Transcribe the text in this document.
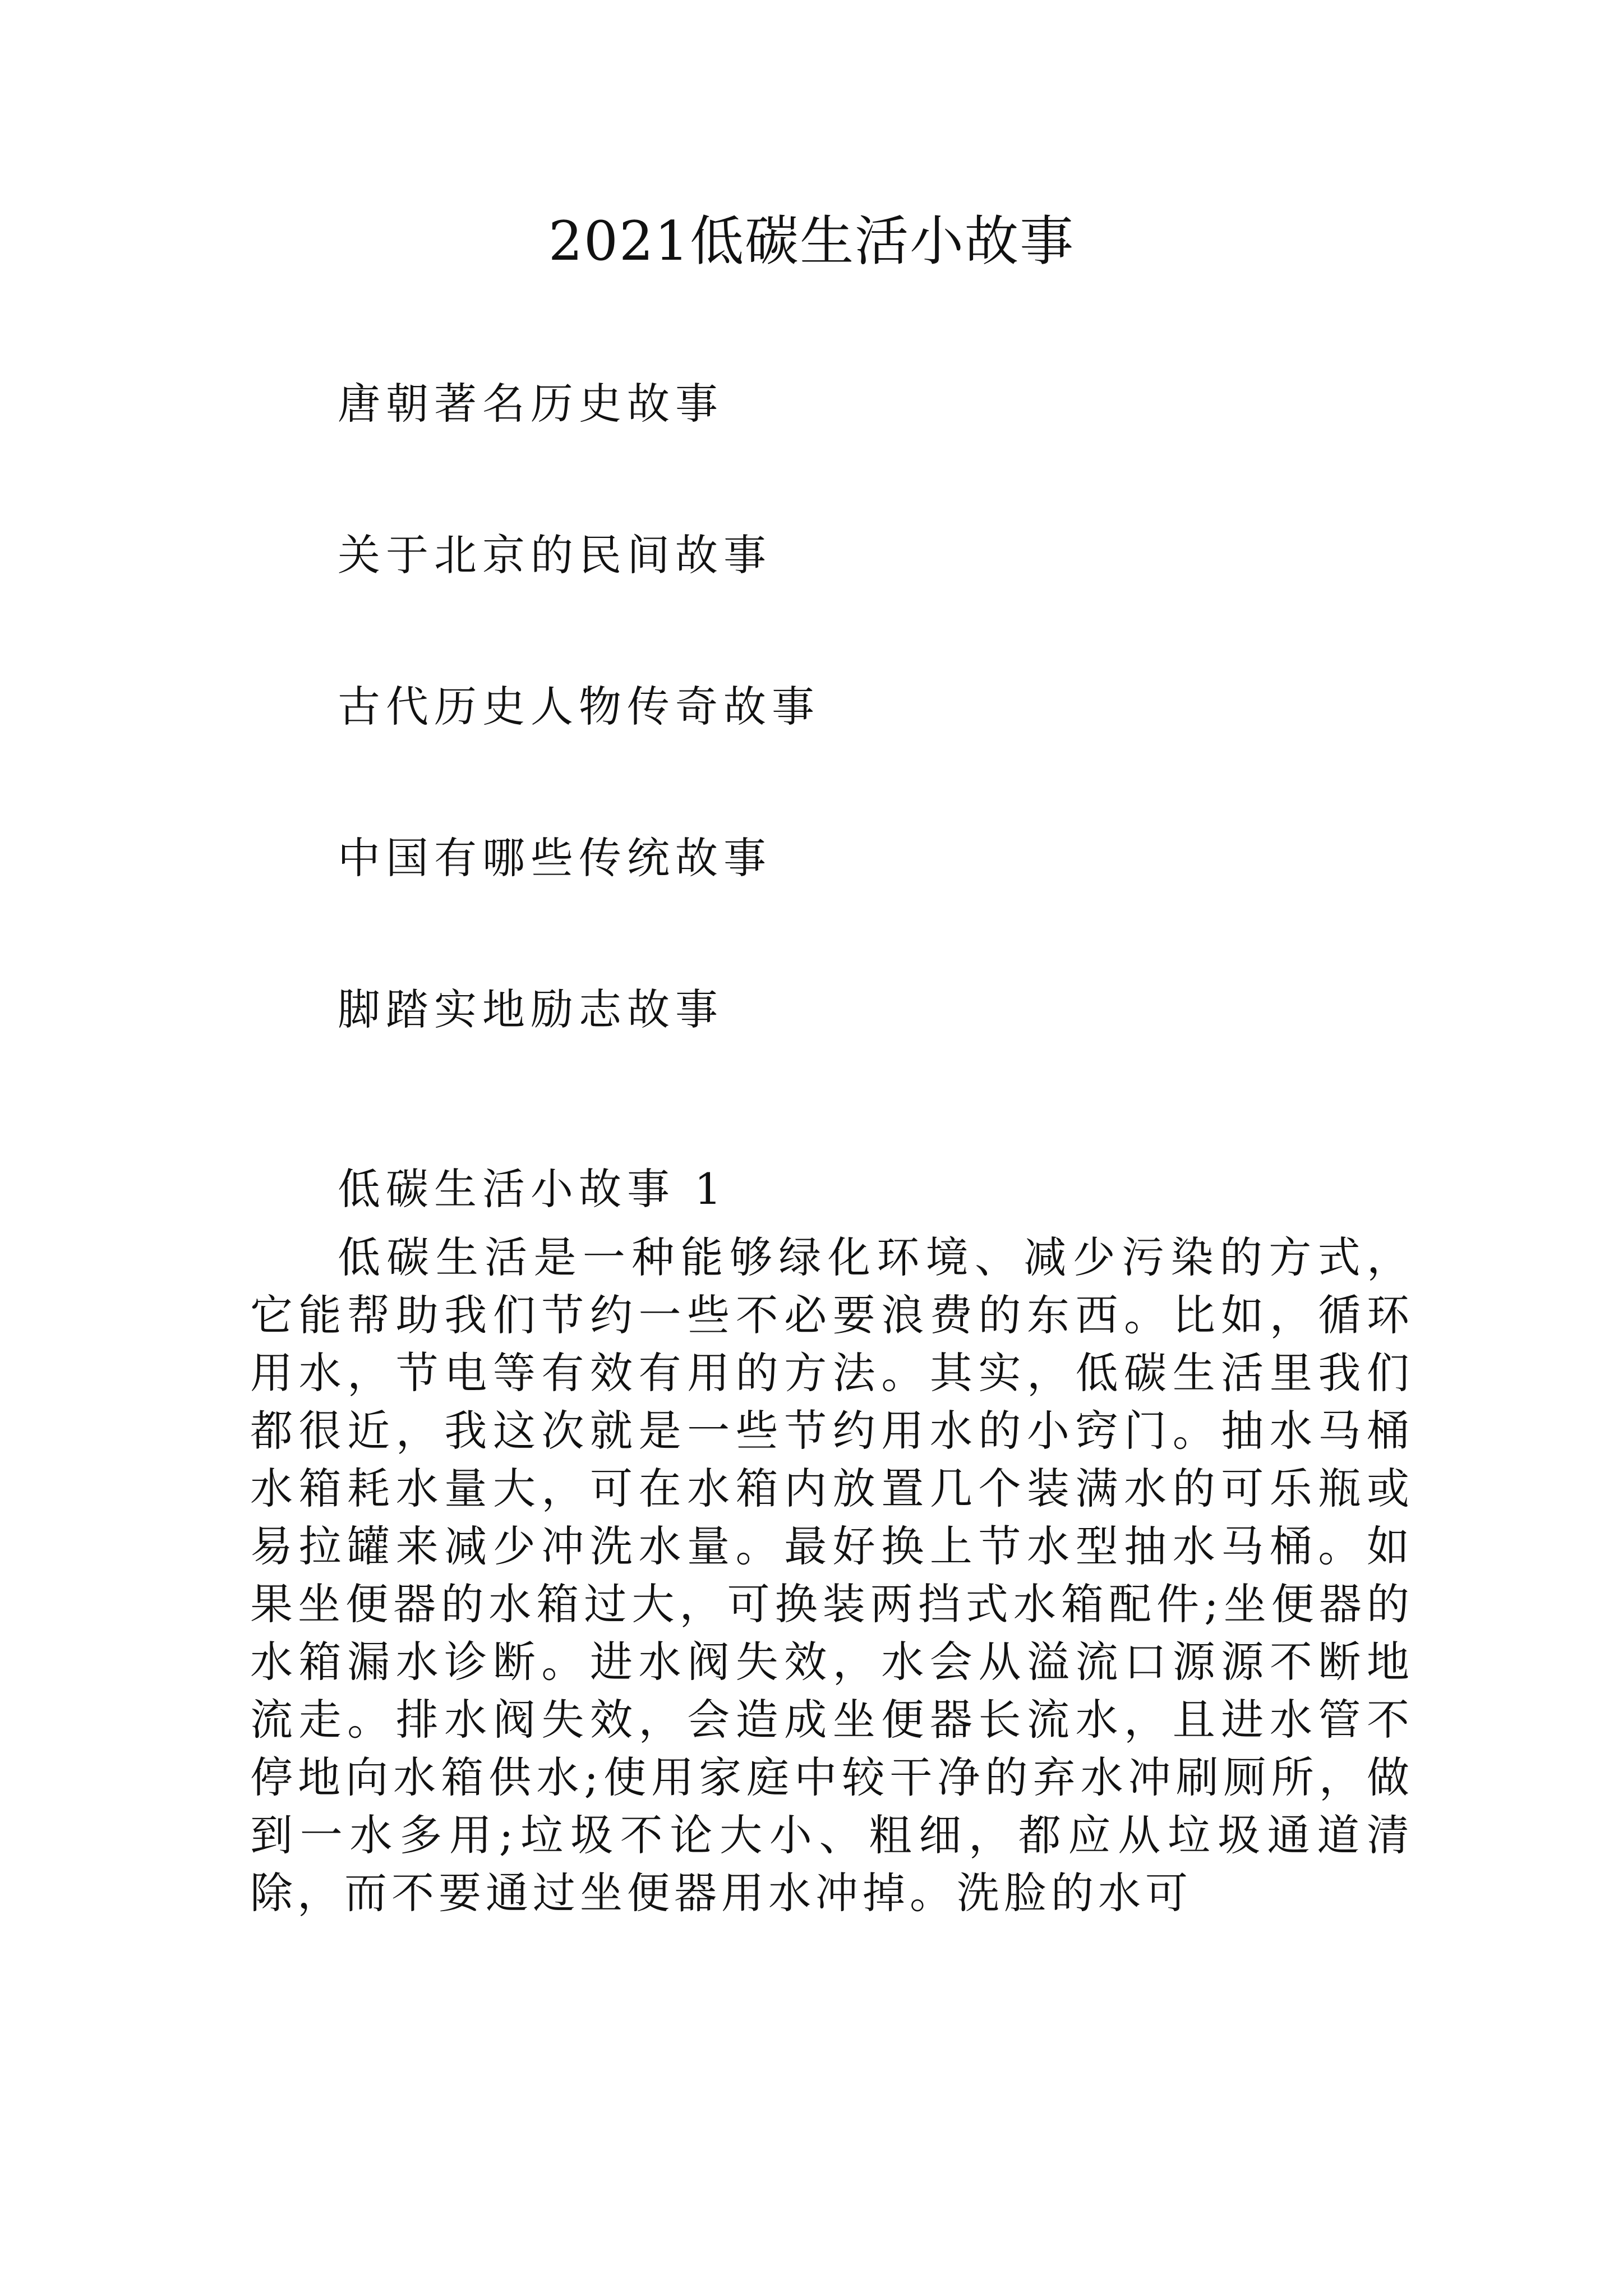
2021低碳生活小故事
唐朝著名历史故事
关于北京的民间故事
古代历史人物传奇故事
中国有哪些传统故事
脚踏实地励志故事
低碳生活小故事 1

低碳生活是一种能够绿化环境、减少污染的方式，它能帮助我们节约一些不必要浪费的东西。比如，循环用水，节电等有效有用的方法。其实，低碳生活里我们都很近，我这次就是一些节约用水的小窍门。抽水马桶水箱耗水量大，可在水箱内放置几个装满水的可乐瓶或易拉罐来减少冲洗水量。最好换上节水型抽水马桶。如果坐便器的水箱过大，可换装两挡式水箱配件;坐便器的水箱漏水诊断。进水阀失效，水会从溢流口源源不断地流走。排水阀失效，会造成坐便器长流水，且进水管不停地向水箱供水;使用家庭中较干净的弃水冲刷厕所，做到一水多用;垃圾不论大小、粗细，都应从垃圾通道清除，而不要通过坐便器用水冲掉。洗脸的水可
